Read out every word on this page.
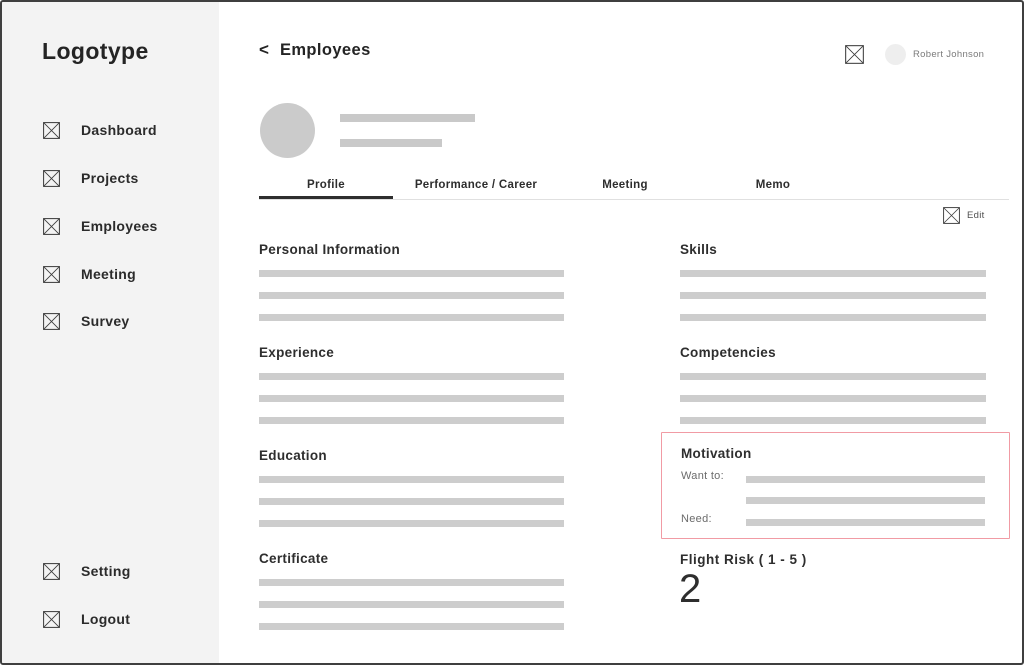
Logotype
Dashboard
Projects
Employees
Meeting
Survey
Setting
Logout
< Employees	Robert Johnson
Profile	Performance / Career	Meeting	Memo
Edit
Personal Information
Experience
Education
Certificate
Skills
Competencies
Motivation
Want to:
Need:
Flight Risk ( 1 - 5 )
2
